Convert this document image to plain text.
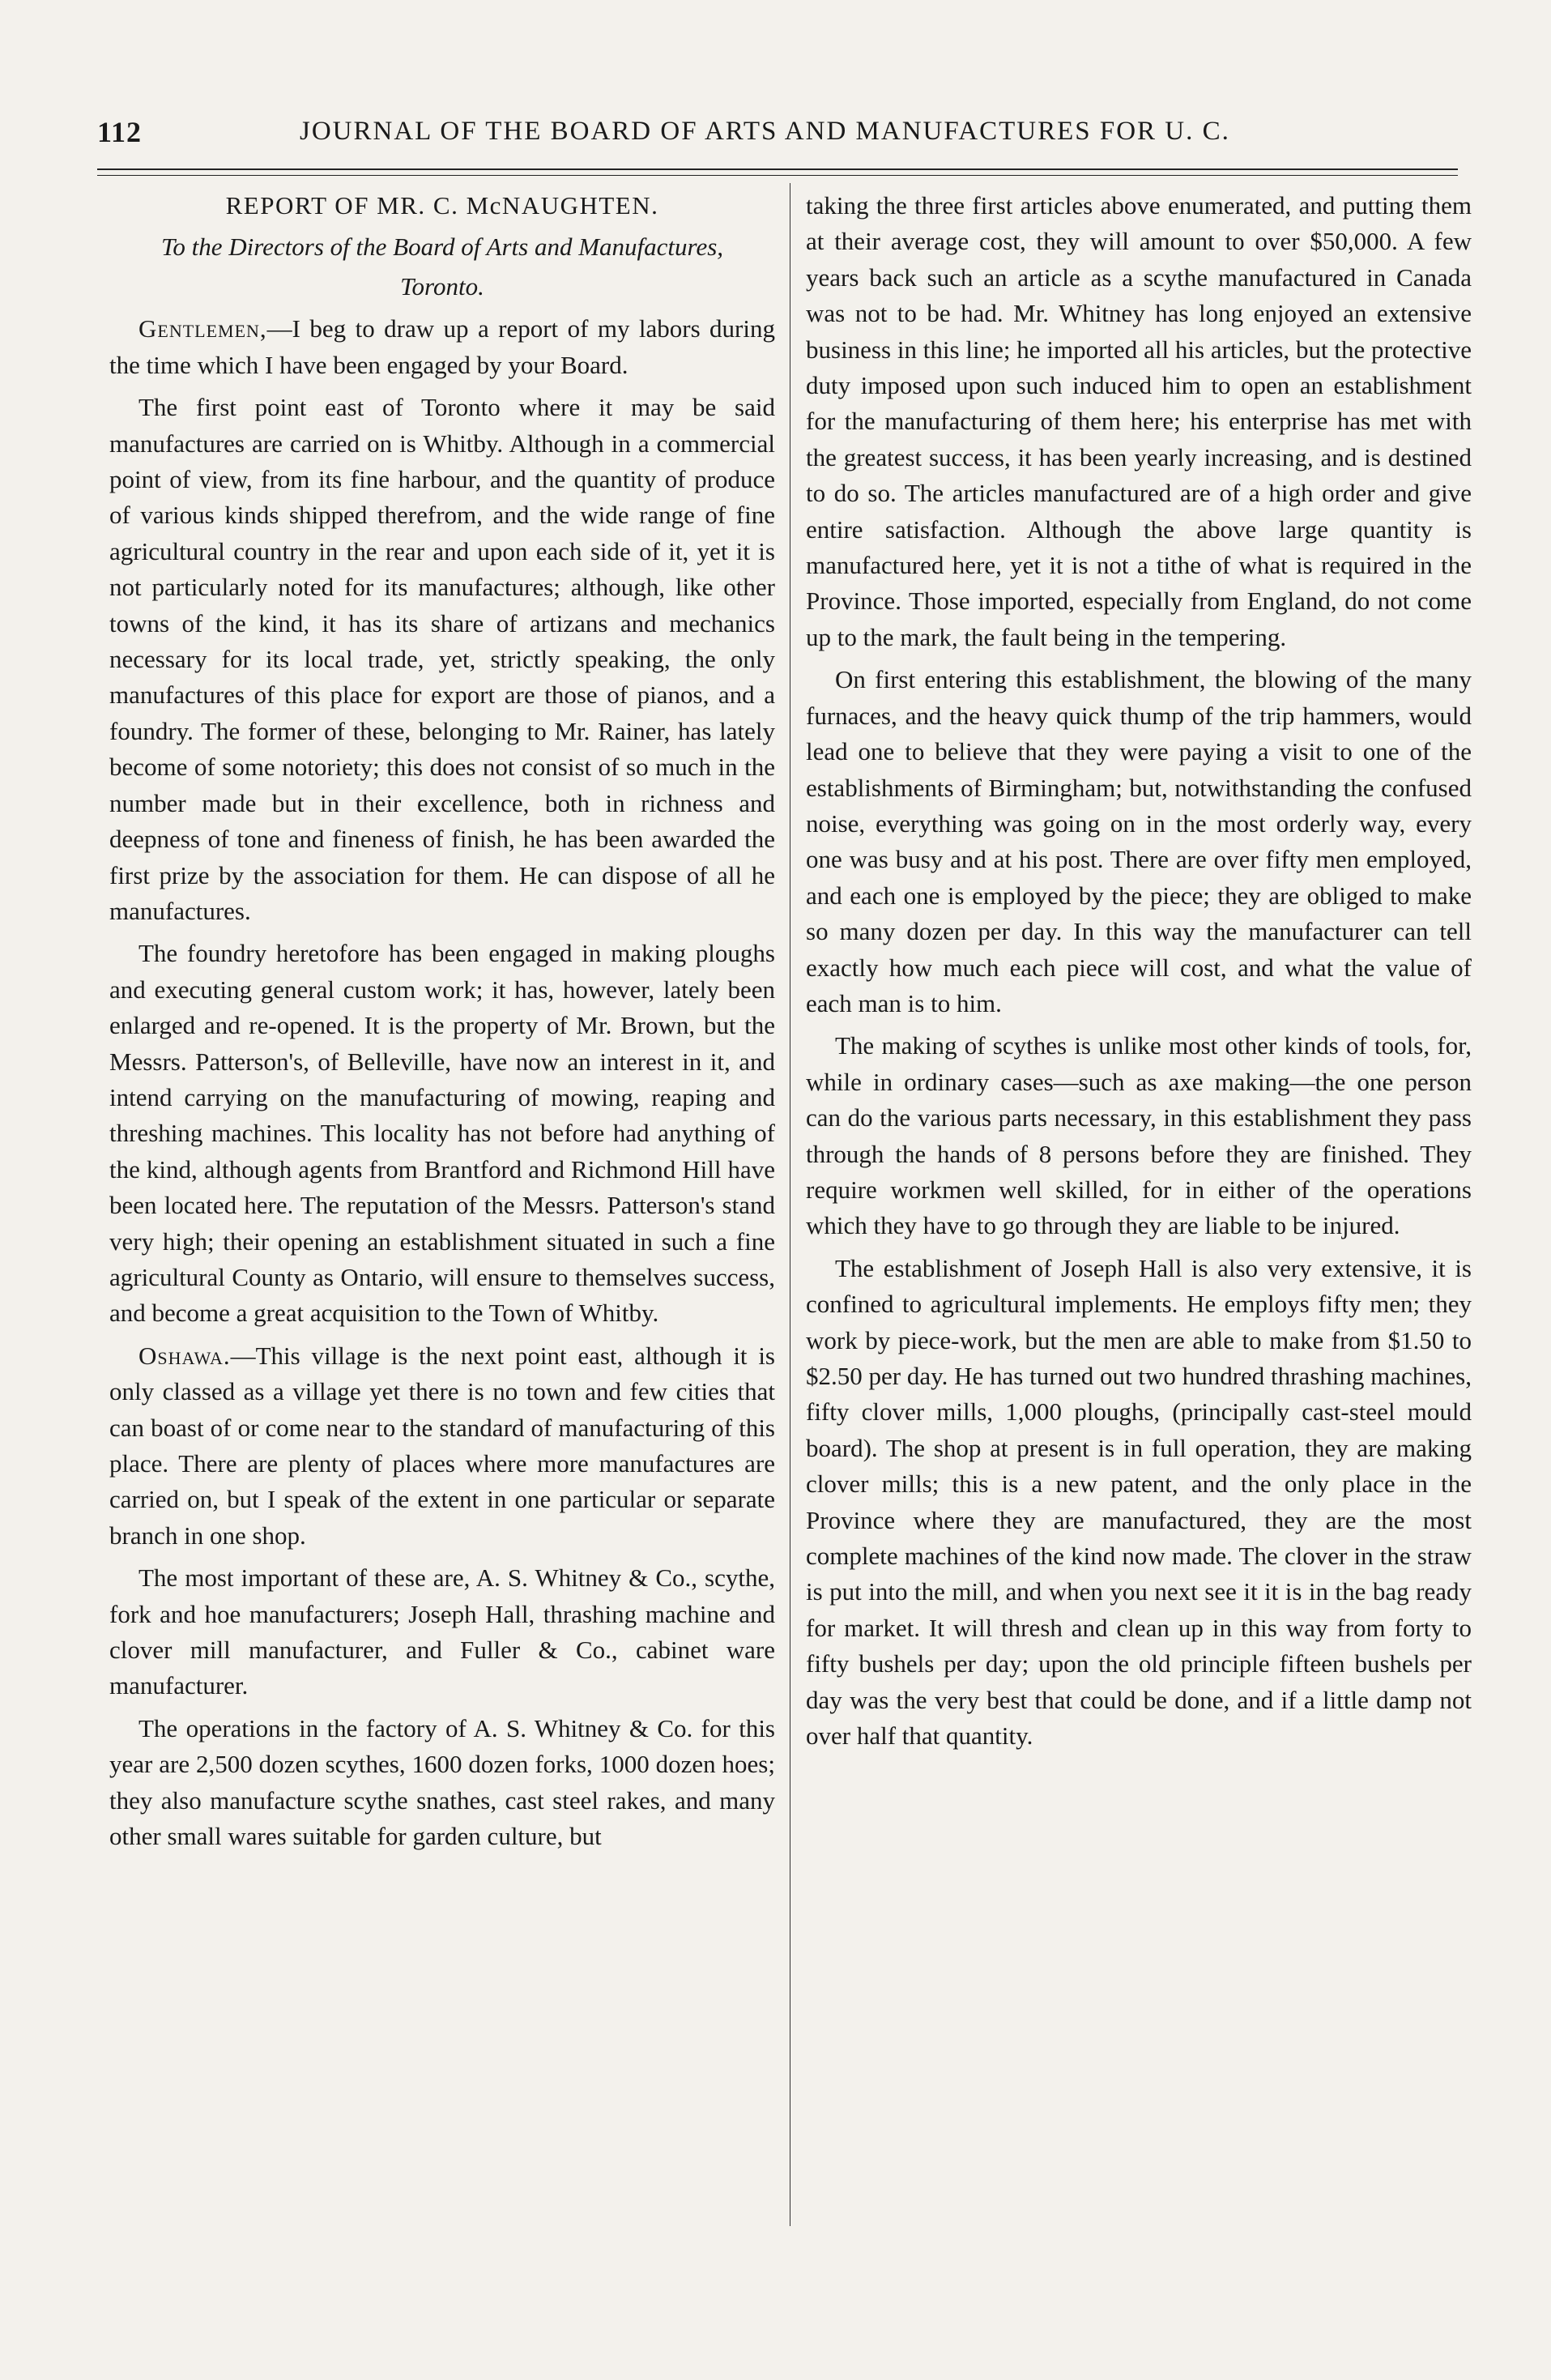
112	JOURNAL OF THE BOARD OF ARTS AND MANUFACTURES FOR U. C.

REPORT OF MR. C. McNAUGHTEN.

To the Directors of the Board of Arts and Manufactures,

Toronto.

Gentlemen,—I beg to draw up a report of my labors during the time which I have been engaged by your Board.

The first point east of Toronto where it may be said manufactures are carried on is Whitby. Although in a commercial point of view, from its fine harbour, and the quantity of produce of various kinds shipped therefrom, and the wide range of fine agricultural country in the rear and upon each side of it, yet it is not particularly noted for its manufactures; although, like other towns of the kind, it has its share of artizans and mechanics necessary for its local trade, yet, strictly speaking, the only manufactures of this place for export are those of pianos, and a foundry. The former of these, belonging to Mr. Rainer, has lately become of some notoriety; this does not consist of so much in the number made but in their excellence, both in richness and deepness of tone and fineness of finish, he has been awarded the first prize by the association for them. He can dispose of all he manufactures.

The foundry heretofore has been engaged in making ploughs and executing general custom work; it has, however, lately been enlarged and re-opened. It is the property of Mr. Brown, but the Messrs. Patterson's, of Belleville, have now an interest in it, and intend carrying on the manufacturing of mowing, reaping and threshing machines. This locality has not before had anything of the kind, although agents from Brantford and Richmond Hill have been located here. The reputation of the Messrs. Patterson's stand very high; their opening an establishment situated in such a fine agricultural County as Ontario, will ensure to themselves success, and become a great acquisition to the Town of Whitby.

Oshawa.—This village is the next point east, although it is only classed as a village yet there is no town and few cities that can boast of or come near to the standard of manufacturing of this place. There are plenty of places where more manufactures are carried on, but I speak of the extent in one particular or separate branch in one shop.

The most important of these are, A. S. Whitney & Co., scythe, fork and hoe manufacturers; Joseph Hall, thrashing machine and clover mill manufacturer, and Fuller & Co., cabinet ware manufacturer.

The operations in the factory of A. S. Whitney & Co. for this year are 2,500 dozen scythes, 1600 dozen forks, 1000 dozen hoes; they also manufacture scythe snathes, cast steel rakes, and many other small wares suitable for garden culture, but

taking the three first articles above enumerated, and putting them at their average cost, they will amount to over $50,000. A few years back such an article as a scythe manufactured in Canada was not to be had. Mr. Whitney has long enjoyed an extensive business in this line; he imported all his articles, but the protective duty imposed upon such induced him to open an establishment for the manufacturing of them here; his enterprise has met with the greatest success, it has been yearly increasing, and is destined to do so. The articles manufactured are of a high order and give entire satisfaction. Although the above large quantity is manufactured here, yet it is not a tithe of what is required in the Province. Those imported, especially from England, do not come up to the mark, the fault being in the tempering.

On first entering this establishment, the blowing of the many furnaces, and the heavy quick thump of the trip hammers, would lead one to believe that they were paying a visit to one of the establishments of Birmingham; but, notwithstanding the confused noise, everything was going on in the most orderly way, every one was busy and at his post. There are over fifty men employed, and each one is employed by the piece; they are obliged to make so many dozen per day. In this way the manufacturer can tell exactly how much each piece will cost, and what the value of each man is to him.

The making of scythes is unlike most other kinds of tools, for, while in ordinary cases—such as axe making—the one person can do the various parts necessary, in this establishment they pass through the hands of 8 persons before they are finished. They require workmen well skilled, for in either of the operations which they have to go through they are liable to be injured.

The establishment of Joseph Hall is also very extensive, it is confined to agricultural implements. He employs fifty men; they work by piece-work, but the men are able to make from $1.50 to $2.50 per day. He has turned out two hundred thrashing machines, fifty clover mills, 1,000 ploughs, (principally cast-steel mould board). The shop at present is in full operation, they are making clover mills; this is a new patent, and the only place in the Province where they are manufactured, they are the most complete machines of the kind now made. The clover in the straw is put into the mill, and when you next see it it is in the bag ready for market. It will thresh and clean up in this way from forty to fifty bushels per day; upon the old principle fifteen bushels per day was the very best that could be done, and if a little damp not over half that quantity.
